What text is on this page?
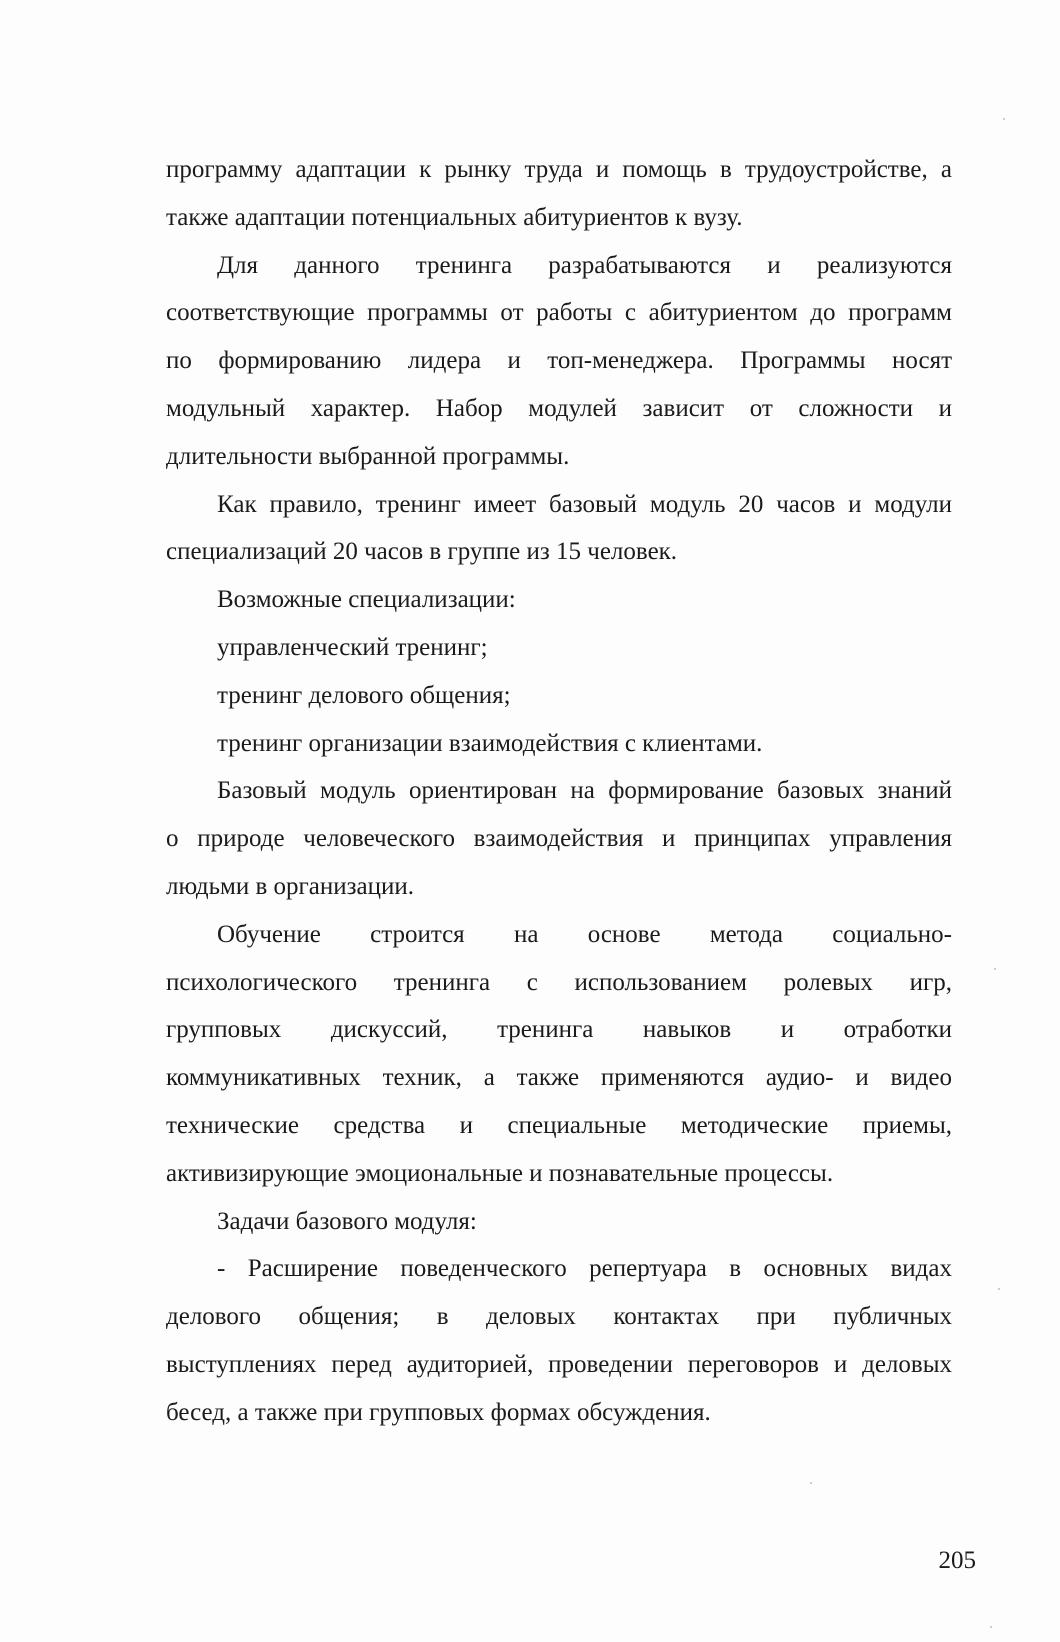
программу адаптации к рынку труда и помощь в трудоустройстве, а
также адаптации потенциальных абитуриентов к вузу.
Для данного тренинга разрабатываются и реализуются
соответствующие программы от работы с абитуриентом до программ
по формированию лидера и топ-менеджера. Программы носят
модульный характер. Набор модулей зависит от сложности и
длительности выбранной программы.
Как правило, тренинг имеет базовый модуль 20 часов и модули
специализаций 20 часов в группе из 15 человек.
Возможные специализации:
управленческий тренинг;
тренинг делового общения;
тренинг организации взаимодействия с клиентами.
Базовый модуль ориентирован на формирование базовых знаний
о природе человеческого взаимодействия и принципах управления
людьми в организации.
Обучение строится на основе метода социально-
психологического тренинга с использованием ролевых игр,
групповых дискуссий, тренинга навыков и отработки
коммуникативных техник, а также применяются аудио- и видео
технические средства и специальные методические приемы,
активизирующие эмоциональные и познавательные процессы.
Задачи базового модуля:
- Расширение поведенческого репертуара в основных видах
делового общения; в деловых контактах при публичных
выступлениях перед аудиторией, проведении переговоров и деловых
бесед, а также при групповых формах обсуждения.
205
